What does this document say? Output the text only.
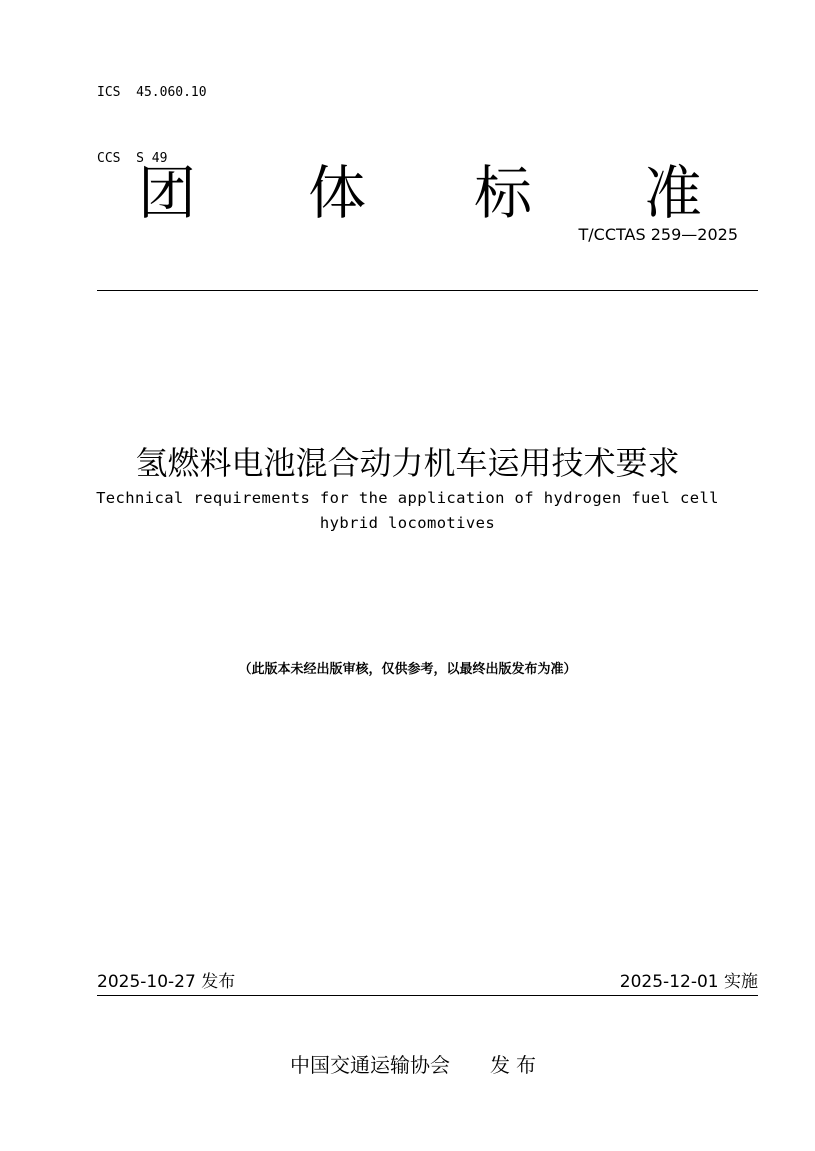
ICS  45.060.10

CCS  S 49

团 体 标 准
T/CCTAS 259—2025
氢燃料电池混合动力机车运用技术要求
Technical requirements for the application of hydrogen fuel cell
hybrid locomotives
（此版本未经出版审核，仅供参考，以最终出版发布为准）
2025-10-27 发布	2025-12-01 实施
中国交通运输协会 发布
